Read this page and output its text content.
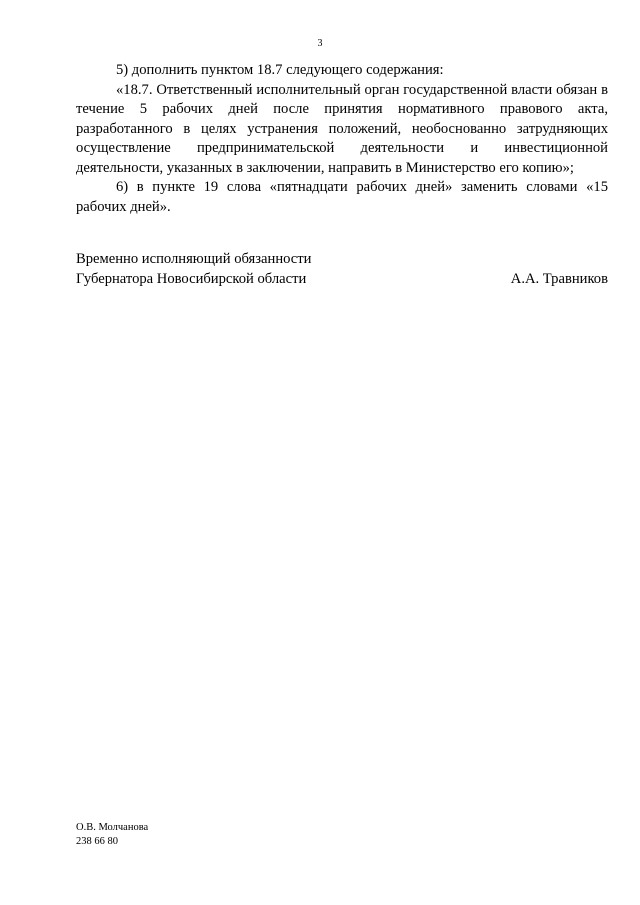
3

5) дополнить пунктом 18.7 следующего содержания:

«18.7. Ответственный исполнительный орган государственной власти обязан в течение 5 рабочих дней после принятия нормативного правового акта, разработанного в целях устранения положений, необоснованно затрудняющих осуществление предпринимательской деятельности и инвестиционной деятельности, указанных в заключении, направить в Министерство его копию»;

6) в пункте 19 слова «пятнадцати рабочих дней» заменить словами «15 рабочих дней».

Временно исполняющий обязанности
Губернатора Новосибирской области	А.А. Травников
О.В. Молчанова
238 66 80
